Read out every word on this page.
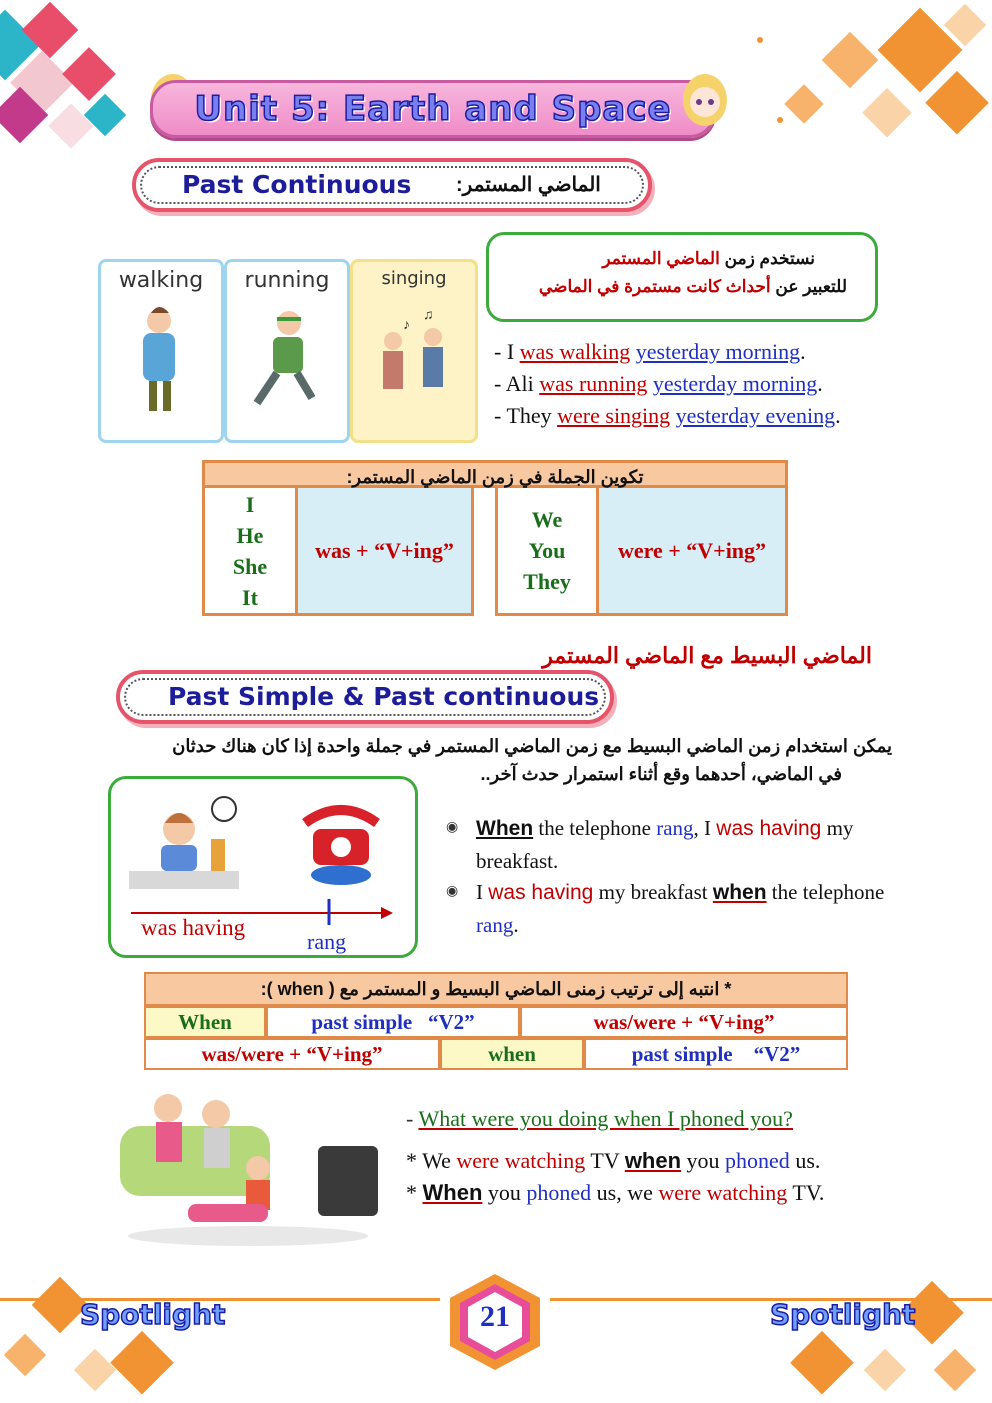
Unit 5: Earth and Space
Past Continuous الماضي المستمر:
walking	running	singing
♪
♫
نستخدم زمن الماضي المستمر
للتعبير عن أحداث كانت مستمرة في الماضي
- I was walking yesterday morning.
- Ali was running yesterday morning.
- They were singing yesterday evening.
تكوين الجملة في زمن الماضي المستمر:
I
He
She
It
was + “V+ing”
We
You
They
were + “V+ing”
الماضي البسيط مع الماضي المستمر
Past Simple & Past continuous
يمكن استخدام زمن الماضي البسيط مع زمن الماضي المستمر في جملة واحدة إذا كان هناك حدثان
في الماضي، أحدهما وقع أثناء استمرار حدث آخر..
was having
rang
◉ When the telephone rang, I was having my breakfast.
◉ I was having my breakfast when the telephone rang.
* انتبه إلى ترتيب زمنى الماضي البسيط و المستمر مع ( when ):
When	past simple   “V2”	was/were + “V+ing”
was/were + “V+ing”	when	past simple    “V2”
- What were you doing when I phoned you?
* We were watching TV when you phoned us.
* When you phoned us, we were watching TV.
Spotlight	Spotlight
21
